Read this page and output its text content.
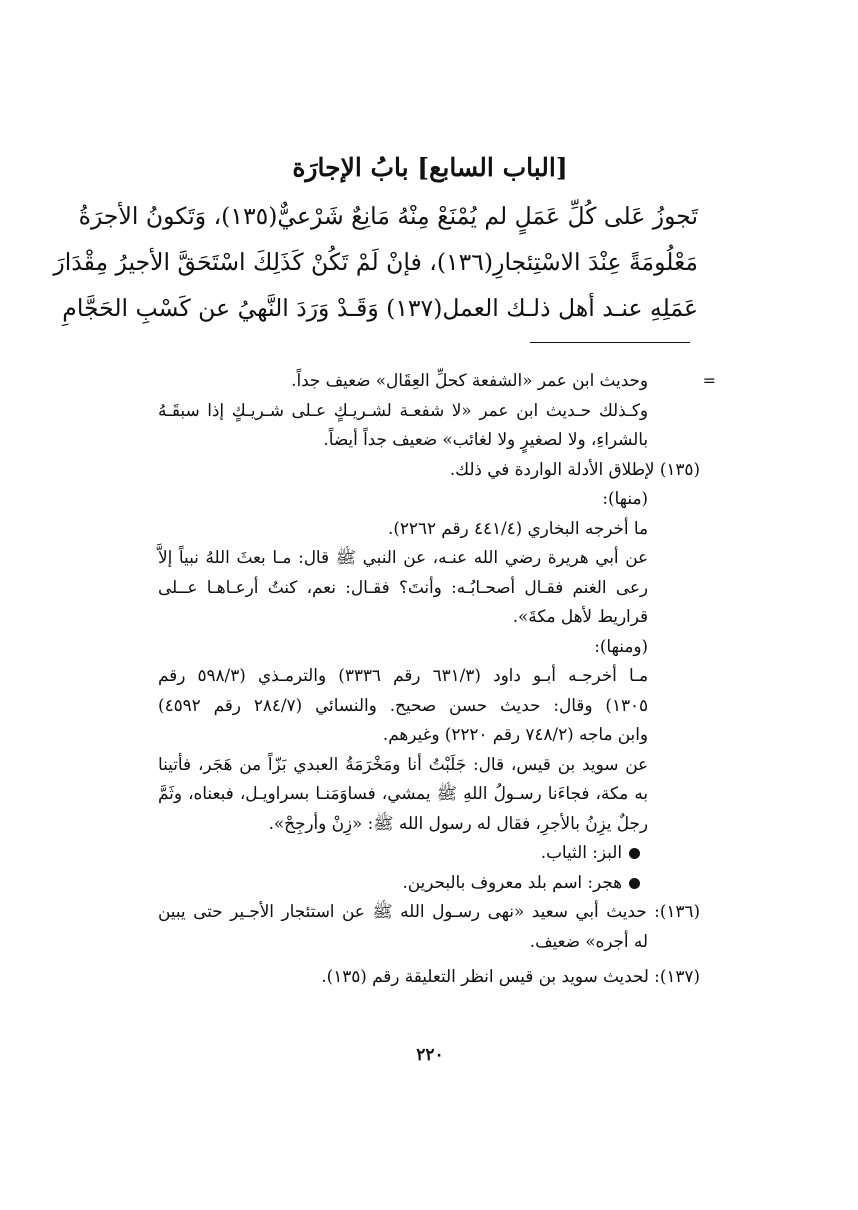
[الباب السابع] بابُ الإجارَة
تَجوزُ عَلى كُلِّ عَمَلٍ لم يُمْنَعْ مِنْهُ مَانِعٌ شَرْعيٌّ(١٣٥)، وَتَكونُ الأجرَةُ
مَعْلُومَةً عِنْدَ الاسْتِئجارِ(١٣٦)، فإنْ لَمْ تَكُنْ كَذَلِكَ اسْتَحَقَّ الأجيرُ مِقْدَارَ
عَمَلِهِ عنـد أهل ذلـك العمل(١٣٧) وَقَـدْ وَرَدَ النَّهيُ عن كَسْبِ الحَجَّامِ
=
وحديث ابن عمر «الشفعة كحلِّ العِقَال» ضعيف جداً.
وكـذلك حـديث ابن عمر «لا شفعـة لشـريـكٍ عـلى شـريـكٍ إذا سبقَـهُ
بالشراءِ، ولا لصغيرٍ ولا لغائب» ضعيف جداً أيضاً.
(١٣٥) لإطلاق الأدلة الواردة في ذلك.
(منها):
ما أخرجه البخاري (٤٤١/٤ رقم ٢٢٦٢).
عن أبي هريرة رضي الله عنـه، عن النبي ﷺ قال: مـا بعثَ اللهُ نبياً إلاَّ
رعى الغنم فقـال أصحـابُـه: وأنتَ؟ فقـال: نعم، كنتُ أرعـاهـا عــلى
قراريط لأهل مكةَ».
(ومنها):
مـا أخرجـه أبـو داود (٦٣١/٣ رقم ٣٣٣٦) والترمـذي (٥٩٨/٣ رقم
١٣٠٥) وقال: حديث حسن صحيح. والنسائي (٢٨٤/٧ رقم ٤٥٩٢)
وابن ماجه (٧٤٨/٢ رقم ٢٢٢٠) وغيرهم.
عن سويد بن قيس، قال: جَلَبْتُ أنا ومَخْرَمَةُ العبدي بَزّاً من هَجَر، فأتينا
به مكة، فجاءَنا رسـولُ اللهِ ﷺ يمشي، فساوَمَنـا بسراويـل، فبعناه، وثَمَّ
رجلٌ يزِنُ بالأجرِ، فقال له رسول الله ﷺ: «زِنْ وأرجِحْ».
البز: الثياب.
هجر: اسم بلد معروف بالبحرين.
(١٣٦): حديث أبي سعيد «نهى رسـول الله ﷺ عن استئجار الأجـير حتى يبين
له أجره» ضعيف.
(١٣٧): لحديث سويد بن قيس انظر التعليقة رقم (١٣٥).
٢٢٠
